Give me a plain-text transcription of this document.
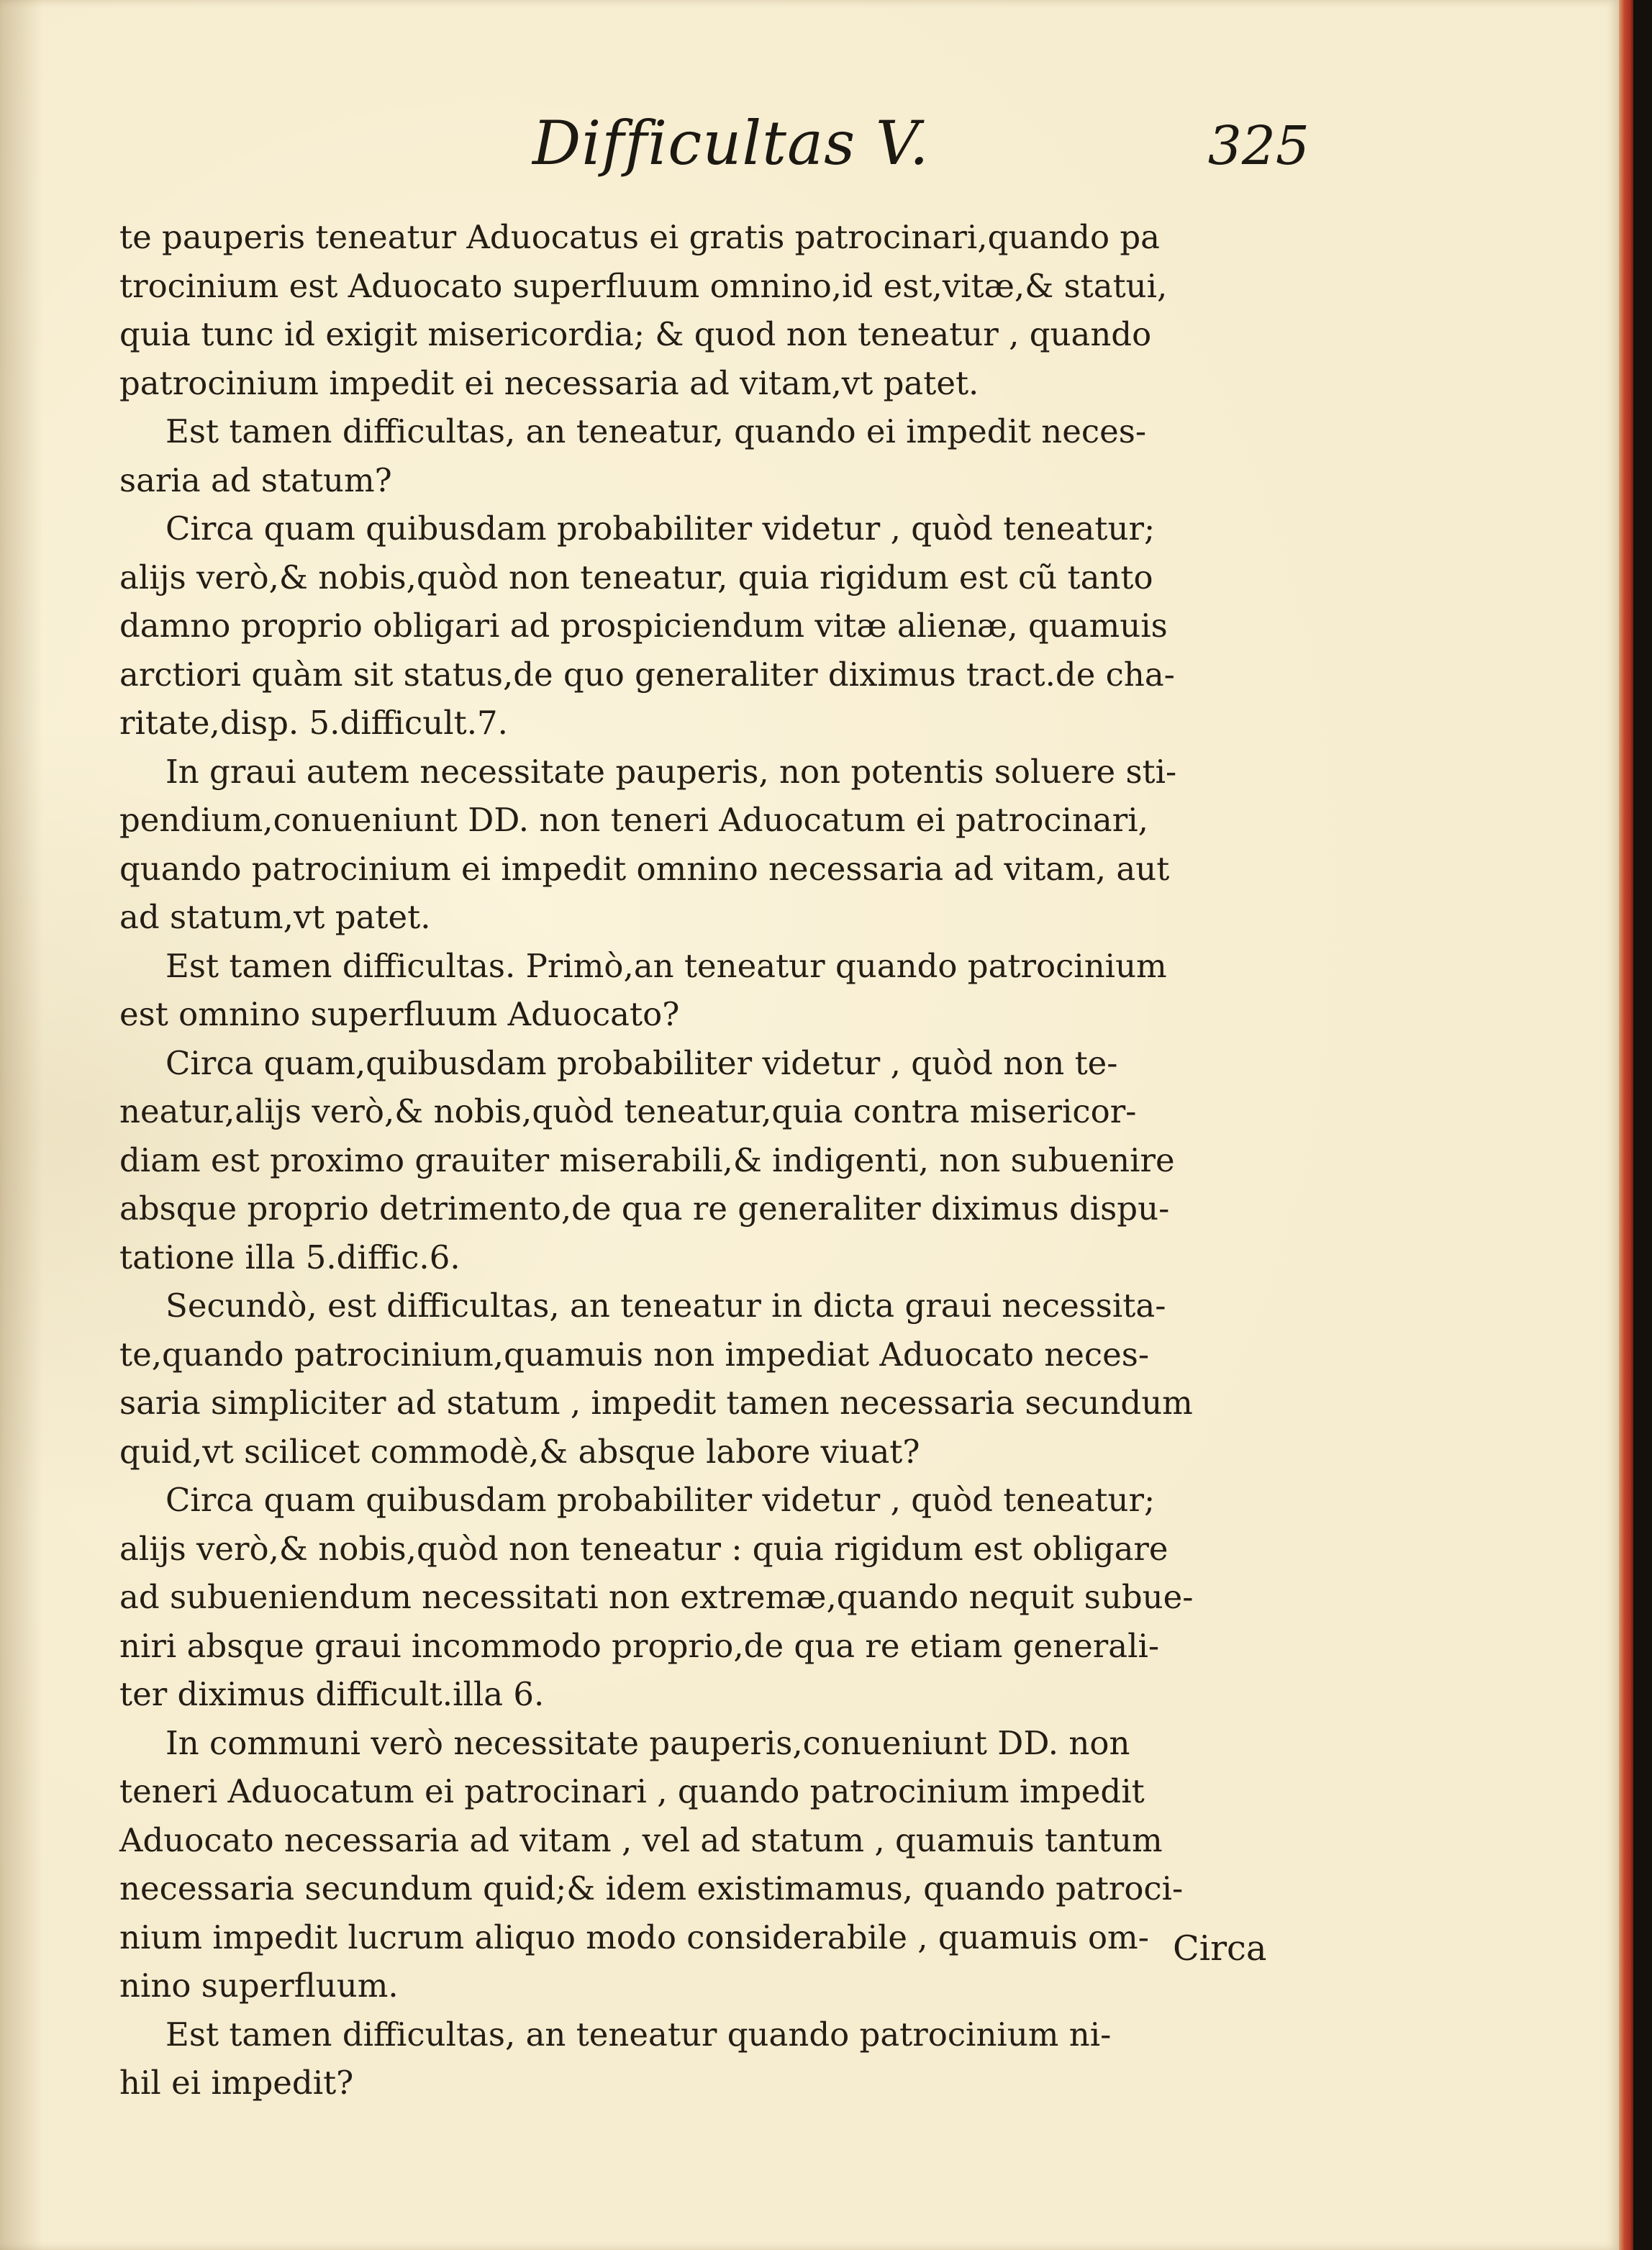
Difficultas V.	325
te pauperis teneatur Aduocatus ei gratis patrocinari,quando pa
trocinium est Aduocato superfluum omnino,id est,vitæ,& statui,
quia tunc id exigit misericordia; & quod non teneatur , quando
patrocinium impedit ei necessaria ad vitam,vt patet.
Est tamen difficultas, an teneatur, quando ei impedit neces-
saria ad statum?
Circa quam quibusdam probabiliter videtur , quòd teneatur;
alijs verò,& nobis,quòd non teneatur, quia rigidum est cũ tanto
damno proprio obligari ad prospiciendum vitæ alienæ, quamuis
arctiori quàm sit status,de quo generaliter diximus tract.de cha-
ritate,disp. 5.difficult.7.
In graui autem necessitate pauperis, non potentis soluere sti-
pendium,conueniunt DD. non teneri Aduocatum ei patrocinari,
quando patrocinium ei impedit omnino necessaria ad vitam, aut
ad statum,vt patet.
Est tamen difficultas. Primò,an teneatur quando patrocinium
est omnino superfluum Aduocato?
Circa quam,quibusdam probabiliter videtur , quòd non te-
neatur,alijs verò,& nobis,quòd teneatur,quia contra misericor-
diam est proximo grauiter miserabili,& indigenti, non subuenire
absque proprio detrimento,de qua re generaliter diximus dispu-
tatione illa 5.diffic.6.
Secundò, est difficultas, an teneatur in dicta graui necessita-
te,quando patrocinium,quamuis non impediat Aduocato neces-
saria simpliciter ad statum , impedit tamen necessaria secundum
quid,vt scilicet commodè,& absque labore viuat?
Circa quam quibusdam probabiliter videtur , quòd teneatur;
alijs verò,& nobis,quòd non teneatur : quia rigidum est obligare
ad subueniendum necessitati non extremæ,quando nequit subue-
niri absque graui incommodo proprio,de qua re etiam generali-
ter diximus difficult.illa 6.
In communi verò necessitate pauperis,conueniunt DD. non
teneri Aduocatum ei patrocinari , quando patrocinium impedit
Aduocato necessaria ad vitam , vel ad statum , quamuis tantum
necessaria secundum quid;& idem existimamus, quando patroci-
nium impedit lucrum aliquo modo considerabile , quamuis om-
nino superfluum.
Est tamen difficultas, an teneatur quando patrocinium ni-
hil ei impedit?
Circa
